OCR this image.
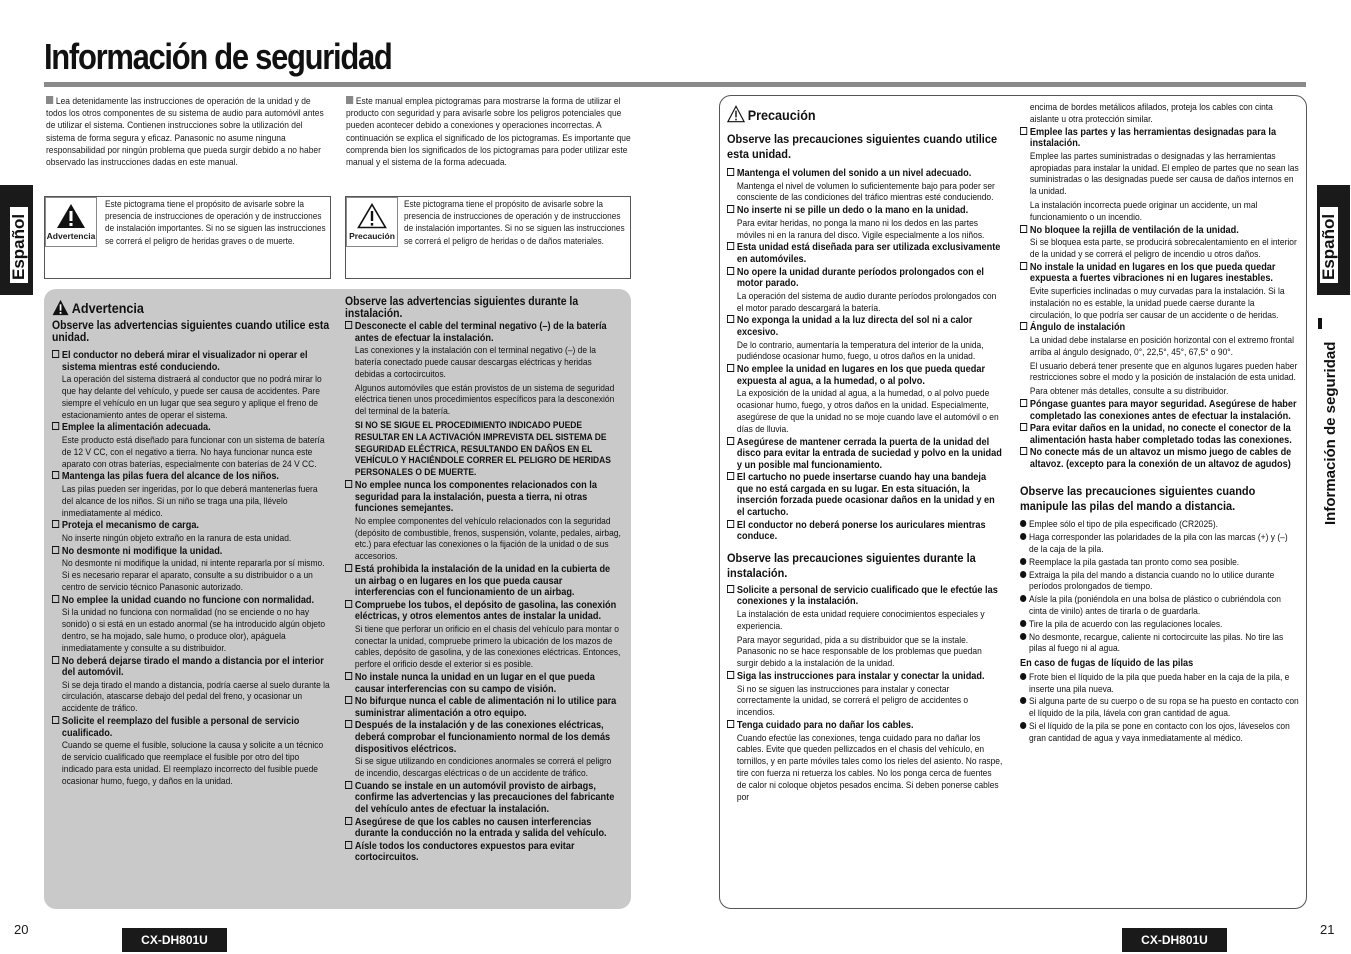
Información de seguridad
Español	Español
Información de seguridad
Lea detenidamente las instrucciones de operación de la unidad y de todos los otros componentes de su sistema de audio para automóvil antes de utilizar el sistema. Contienen instrucciones sobre la utilización del sistema de forma segura y eficaz. Panasonic no asume ninguna responsabilidad por ningún problema que pueda surgir debido a no haber observado las instrucciones dadas en este manual.
Este manual emplea pictogramas para mostrarse la forma de utilizar el producto con seguridad y para avisarle sobre los peligros potenciales que pueden acontecer debido a conexiones y operaciones incorrectas. A continuación se explica el significado de los pictogramas. Es importante que comprenda bien los significados de los pictogramas para poder utilizar este manual y el sistema de la forma adecuada.
Advertencia
Este pictograma tiene el propósito de avisarle sobre la presencia de instrucciones de operación y de instrucciones de instalación importantes. Si no se siguen las instrucciones se correrá el peligro de heridas graves o de muerte.	Precaución
Este pictograma tiene el propósito de avisarle sobre la presencia de instrucciones de operación y de instrucciones de instalación importantes. Si no se siguen las instrucciones se correrá el peligro de heridas o de daños materiales.
Advertencia
Observe las advertencias siguientes cuando utilice esta unidad.
El conductor no deberá mirar el visualizador ni operar el sistema mientras esté conduciendo.
La operación del sistema distraerá al conductor que no podrá mirar lo que hay delante del vehículo, y puede ser causa de accidentes. Pare siempre el vehículo en un lugar que sea seguro y aplique el freno de estacionamiento antes de operar el sistema.
Emplee la alimentación adecuada.
Este producto está diseñado para funcionar con un sistema de batería de 12 V CC, con el negativo a tierra. No haya funcionar nunca este aparato con otras baterías, especialmente con baterías de 24 V CC.
Mantenga las pilas fuera del alcance de los niños.
Las pilas pueden ser ingeridas, por lo que deberá mantenerlas fuera del alcance de los niños. Si un niño se traga una pila, llévelo inmediatamente al médico.
Proteja el mecanismo de carga.
No inserte ningún objeto extraño en la ranura de esta unidad.
No desmonte ni modifique la unidad.
No desmonte ni modifique la unidad, ni intente repararla por sí mismo. Si es necesario reparar el aparato, consulte a su distribuidor o a un centro de servicio técnico Panasonic autorizado.
No emplee la unidad cuando no funcione con normalidad.
Si la unidad no funciona con normalidad (no se enciende o no hay sonido) o si está en un estado anormal (se ha introducido algún objeto dentro, se ha mojado, sale humo, o produce olor), apáguela inmediatamente y consulte a su distribuidor.
No deberá dejarse tirado el mando a distancia por el interior del automóvil.
Si se deja tirado el mando a distancia, podría caerse al suelo durante la circulación, atascarse debajo del pedal del freno, y ocasionar un accidente de tráfico.
Solicite el reemplazo del fusible a personal de servicio cualificado.
Cuando se queme el fusible, solucione la causa y solicite a un técnico de servicio cualificado que reemplace el fusible por otro del tipo indicado para esta unidad. El reemplazo incorrecto del fusible puede ocasionar humo, fuego, y daños en la unidad.
Observe las advertencias siguientes durante la instalación.
Desconecte el cable del terminal negativo (–) de la batería antes de efectuar la instalación.
Las conexiones y la instalación con el terminal negativo (–) de la batería conectado puede causar descargas eléctricas y heridas debidas a cortocircuitos.
Algunos automóviles que están provistos de un sistema de seguridad eléctrica tienen unos procedimientos específicos para la desconexión del terminal de la batería.
SI NO SE SIGUE EL PROCEDIMIENTO INDICADO PUEDE RESULTAR EN LA ACTIVACIÓN IMPREVISTA DEL SISTEMA DE SEGURIDAD ELÉCTRICA, RESULTANDO EN DAÑOS EN EL VEHÍCULO Y HACIÉNDOLE CORRER EL PELIGRO DE HERIDAS PERSONALES O DE MUERTE.
No emplee nunca los componentes relacionados con la seguridad para la instalación, puesta a tierra, ni otras funciones semejantes.
No emplee componentes del vehículo relacionados con la seguridad (depósito de combustible, frenos, suspensión, volante, pedales, airbag, etc.) para efectuar las conexiones o la fijación de la unidad o de sus accesorios.
Está prohibida la instalación de la unidad en la cubierta de un airbag o en lugares en los que pueda causar interferencias con el funcionamiento de un airbag.
Compruebe los tubos, el depósito de gasolina, las conexión eléctricas, y otros elementos antes de instalar la unidad.
Si tiene que perforar un orificio en el chasis del vehículo para montar o conectar la unidad, compruebe primero la ubicación de los mazos de cables, depósito de gasolina, y de las conexiones eléctricas. Entonces, perfore el orificio desde el exterior si es posible.
No instale nunca la unidad en un lugar en el que pueda causar interferencias con su campo de visión.
No bifurque nunca el cable de alimentación ni lo utilice para suministrar alimentación a otro equipo.
Después de la instalación y de las conexiones eléctricas, deberá comprobar el funcionamiento normal de los demás dispositivos eléctricos.
Si se sigue utilizando en condiciones anormales se correrá el peligro de incendio, descargas eléctricas o de un accidente de tráfico.
Cuando se instale en un automóvil provisto de airbags, confirme las advertencias y las precauciones del fabricante del vehículo antes de efectuar la instalación.
Asegúrese de que los cables no causen interferencias durante la conducción no la entrada y salida del vehículo.
Aísle todos los conductores expuestos para evitar cortocircuitos.
Precaución
Observe las precauciones siguientes cuando utilice esta unidad.
Mantenga el volumen del sonido a un nivel adecuado.
Mantenga el nivel de volumen lo suficientemente bajo para poder ser consciente de las condiciones del tráfico mientras esté conduciendo.
No inserte ni se pille un dedo o la mano en la unidad.
Para evitar heridas, no ponga la mano ni los dedos en las partes móviles ni en la ranura del disco. Vigile especialmente a los niños.
Esta unidad está diseñada para ser utilizada exclusivamente en automóviles.
No opere la unidad durante períodos prolongados con el motor parado.
La operación del sistema de audio durante períodos prolongados con el motor parado descargará la batería.
No exponga la unidad a la luz directa del sol ni a calor excesivo.
De lo contrario, aumentaría la temperatura del interior de la unida, pudiéndose ocasionar humo, fuego, u otros daños en la unidad.
No emplee la unidad en lugares en los que pueda quedar expuesta al agua, a la humedad, o al polvo.
La exposición de la unidad al agua, a la humedad, o al polvo puede ocasionar humo, fuego, y otros daños en la unidad. Especialmente, asegúrese de que la unidad no se moje cuando lave el automóvil o en días de lluvia.
Asegúrese de mantener cerrada la puerta de la unidad del disco para evitar la entrada de suciedad y polvo en la unidad y un posible mal funcionamiento.
El cartucho no puede insertarse cuando hay una bandeja que no está cargada en su lugar. En esta situación, la inserción forzada puede ocasionar daños en la unidad y en el cartucho.
El conductor no deberá ponerse los auriculares mientras conduce.
Observe las precauciones siguientes durante la instalación.
Solicite a personal de servicio cualificado que le efectúe las conexiones y la instalación.
La instalación de esta unidad requiere conocimientos especiales y experiencia.
Para mayor seguridad, pida a su distribuidor que se la instale. Panasonic no se hace responsable de los problemas que puedan surgir debido a la instalación de la unidad.
Siga las instrucciones para instalar y conectar la unidad.
Si no se siguen las instrucciones para instalar y conectar correctamente la unidad, se correrá el peligro de accidentes o incendios.
Tenga cuidado para no dañar los cables.
Cuando efectúe las conexiones, tenga cuidado para no dañar los cables. Evite que queden pellizcados en el chasis del vehículo, en tornillos, y en parte móviles tales como los rieles del asiento. No raspe, tire con fuerza ni retuerza los cables. No los ponga cerca de fuentes de calor ni coloque objetos pesados encima. Si deben ponerse cables por
encima de bordes metálicos afilados, proteja los cables con cinta aislante u otra protección similar.
Emplee las partes y las herramientas designadas para la instalación.
Emplee las partes suministradas o designadas y las herramientas apropiadas para instalar la unidad. El empleo de partes que no sean las suministradas o las designadas puede ser causa de daños internos en la unidad.
La instalación incorrecta puede originar un accidente, un mal funcionamiento o un incendio.
No bloquee la rejilla de ventilación de la unidad.
Si se bloquea esta parte, se producirá sobrecalentamiento en el interior de la unidad y se correrá el peligro de incendio u otros daños.
No instale la unidad en lugares en los que pueda quedar expuesta a fuertes vibraciones ni en lugares inestables.
Evite superficies inclinadas o muy curvadas para la instalación. Si la instalación no es estable, la unidad puede caerse durante la circulación, lo que podría ser causar de un accidente o de heridas.
Ángulo de instalación
La unidad debe instalarse en posición horizontal con el extremo frontal arriba al ángulo designado, 0°, 22,5°, 45°, 67,5° o 90°.
El usuario deberá tener presente que en algunos lugares pueden haber restricciones sobre el modo y la posición de instalación de esta unidad.
Para obtener más detalles, consulte a su distribuidor.
Póngase guantes para mayor seguridad. Asegúrese de haber completado las conexiones antes de efectuar la instalación.
Para evitar daños en la unidad, no conecte el conector de la alimentación hasta haber completado todas las conexiones.
No conecte más de un altavoz un mismo juego de cables de altavoz. (excepto para la conexión de un altavoz de agudos)
Observe las precauciones siguientes cuando manipule las pilas del mando a distancia.
Emplee sólo el tipo de pila especificado (CR2025).
Haga corresponder las polaridades de la pila con las marcas (+) y (–) de la caja de la pila.
Reemplace la pila gastada tan pronto como sea posible.
Extraiga la pila del mando a distancia cuando no lo utilice durante períodos prolongados de tiempo.
Aísle la pila (poniéndola en una bolsa de plástico o cubriéndola con cinta de vinilo) antes de tirarla o de guardarla.
Tire la pila de acuerdo con las regulaciones locales.
No desmonte, recargue, caliente ni cortocircuite las pilas. No tire las pilas al fuego ni al agua.
En caso de fugas de líquido de las pilas
Frote bien el líquido de la pila que pueda haber en la caja de la pila, e inserte una pila nueva.
Si alguna parte de su cuerpo o de su ropa se ha puesto en contacto con el líquido de la pila, lávela con gran cantidad de agua.
Si el líquido de la pila se pone en contacto con los ojos, láveselos con gran cantidad de agua y vaya inmediatamente al médico.
20	21
CX-DH801U	CX-DH801U
